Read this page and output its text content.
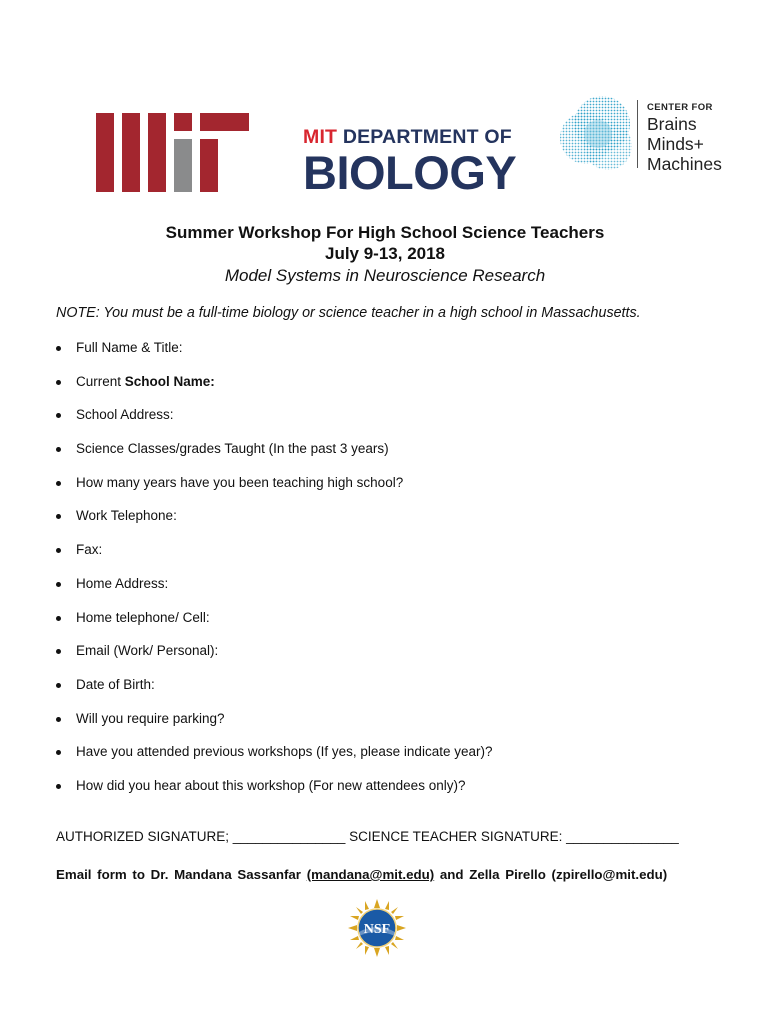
MIT DEPARTMENT OF
BIOLOGY
CENTER FOR
Brains
Minds+
Machines
Summer Workshop For High School Science Teachers
July 9-13, 2018
Model Systems in Neuroscience Research
NOTE: You must be a full-time biology or science teacher in a high school in Massachusetts.
Full Name & Title:
Current School Name:
School Address:
Science Classes/grades Taught (In the past 3 years)
How many years have you been teaching high school?
Work Telephone:
Fax:
Home Address:
Home telephone/ Cell:
Email (Work/ Personal):
Date of Birth:
Will you require parking?
Have you attended previous workshops (If yes, please indicate year)?
How did you hear about this workshop (For new attendees only)?
AUTHORIZED SIGNATURE; _______________ SCIENCE TEACHER SIGNATURE: _______________
Email form to Dr. Mandana Sassanfar (mandana@mit.edu) and Zella Pirello (zpirello@mit.edu)
NSF
